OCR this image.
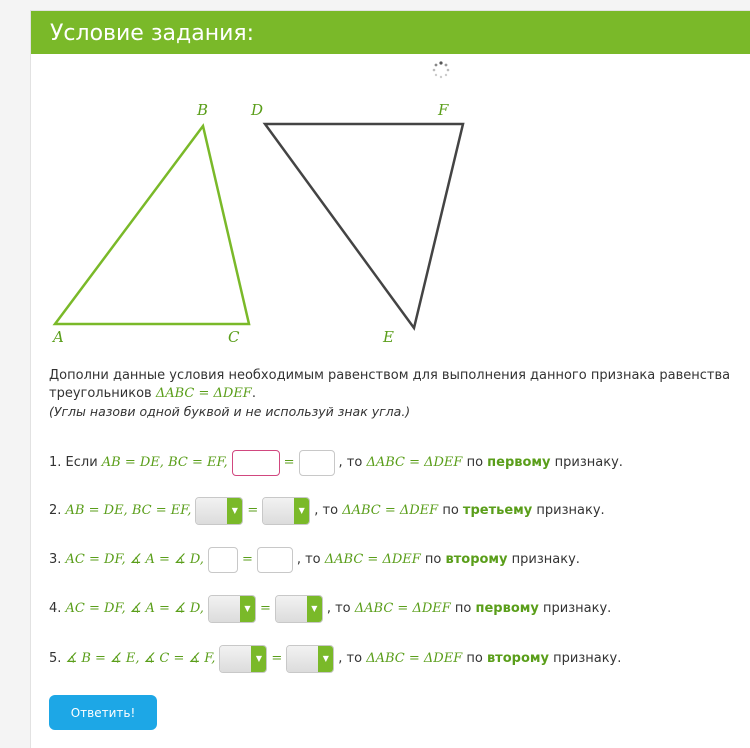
Условие задания:
B	D	F
A	C	E
Дополни данные условия необходимым равенством для выполнения данного признака равенства
треугольников ΔABC = ΔDEF.
(Углы назови одной буквой и не используй знак угла.)
1. Если AB = DE, BC = EF,	=	, то ΔABC = ΔDEF по первому признаку.
2. AB = DE, BC = EF,	▼ =	▼ , то ΔABC = ΔDEF по третьему признаку.
3. AC = DF, ∡ A = ∡ D,	=	, то ΔABC = ΔDEF по второму признаку.
4. AC = DF, ∡ A = ∡ D,	▼ =	▼ , то ΔABC = ΔDEF по первому признаку.
5. ∡ B = ∡ E, ∡ C = ∡ F,	▼ =	▼ , то ΔABC = ΔDEF по второму признаку.
Ответить!
